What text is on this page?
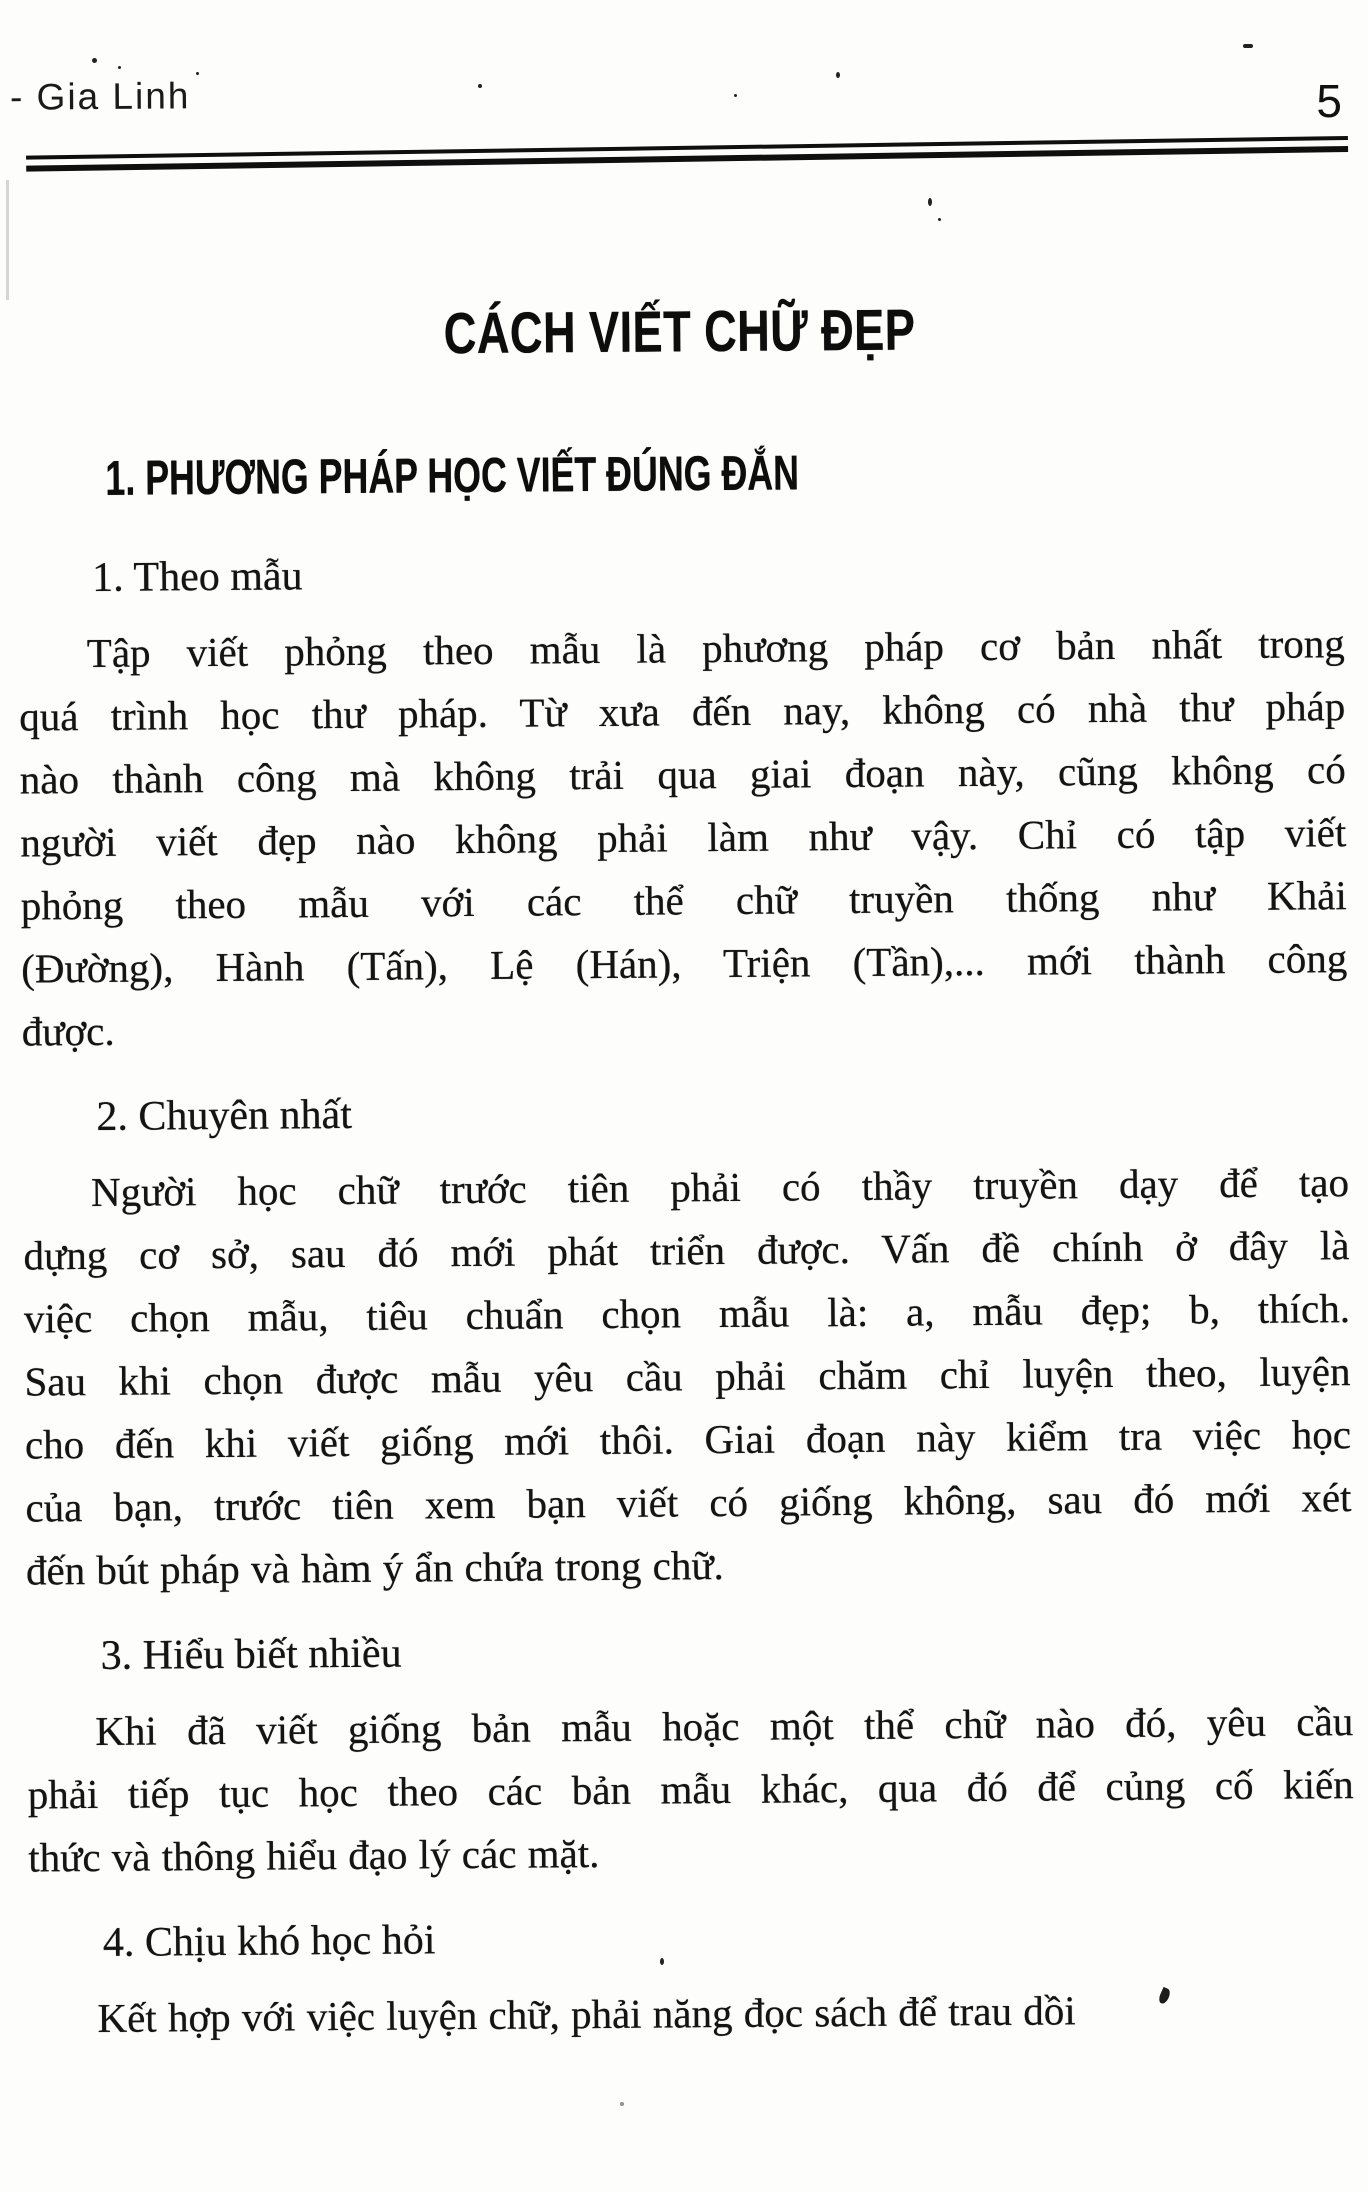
- Gia Linh	5
CÁCH VIẾT CHỮ ĐẸP
1. PHƯƠNG PHÁP HỌC VIẾT ĐÚNG ĐẮN
1. Theo mẫu
Tập viết phỏng theo mẫu là phương pháp cơ bản nhất trong
quá trình học thư pháp. Từ xưa đến nay, không có nhà thư pháp
nào thành công mà không trải qua giai đoạn này, cũng không có
người viết đẹp nào không phải làm như vậy. Chỉ có tập viết
phỏng theo mẫu với các thể chữ truyền thống như Khải
(Đường), Hành (Tấn), Lệ (Hán), Triện (Tần),... mới thành công
được.
2. Chuyên nhất
Người học chữ trước tiên phải có thầy truyền dạy để tạo
dựng cơ sở, sau đó mới phát triển được. Vấn đề chính ở đây là
việc chọn mẫu, tiêu chuẩn chọn mẫu là: a, mẫu đẹp; b, thích.
Sau khi chọn được mẫu yêu cầu phải chăm chỉ luyện theo, luyện
cho đến khi viết giống mới thôi. Giai đoạn này kiểm tra việc học
của bạn, trước tiên xem bạn viết có giống không, sau đó mới xét
đến bút pháp và hàm ý ẩn chứa trong chữ.
3. Hiểu biết nhiều
Khi đã viết giống bản mẫu hoặc một thể chữ nào đó, yêu cầu
phải tiếp tục học theo các bản mẫu khác, qua đó để củng cố kiến
thức và thông hiểu đạo lý các mặt.
4. Chịu khó học hỏi
Kết hợp với việc luyện chữ, phải năng đọc sách để trau dồi
